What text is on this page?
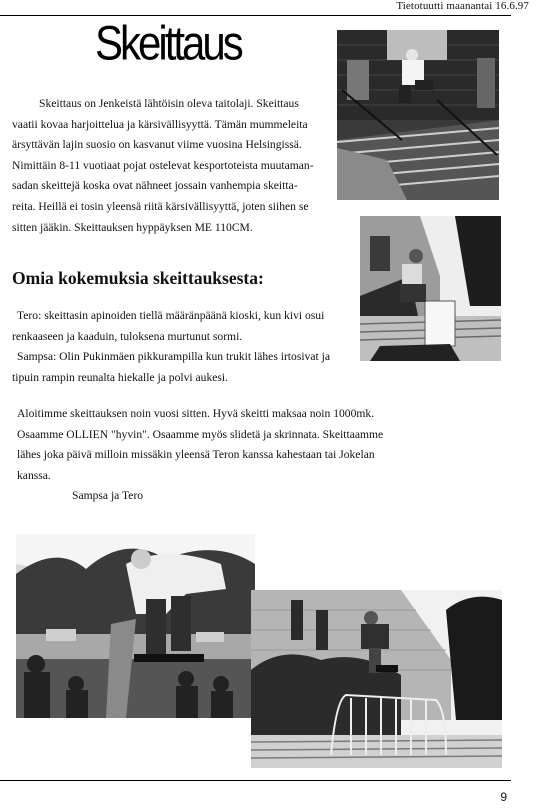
Tietotuutti maanantai 16.6.97
Skeittaus

Skeittaus on Jenkeistä lähtöisin oleva taitolaji. Skeittaus

vaatii kovaa harjoittelua ja kärsivällisyyttä. Tämän mummeleita

ärsyttävän lajin suosio on kasvanut viime vuosina Helsingissä.

Nimittäin 8-11 vuotiaat pojat ostelevat kesportoteista muutaman-

sadan skeittejä koska ovat nähneet jossain vanhempia skeitta-

reita. Heillä ei tosin yleensä riitä kärsivällisyyttä, joten siihen se

sitten jääkin. Skeittauksen hyppäyksen ME 110CM.

Omia kokemuksia skeittauksesta:

Tero: skeittasin apinoiden tiellä määränpäänä kioski, kun kivi osui

renkaaseen ja kaaduin, tuloksena murtunut sormi.

Sampsa: Olin Pukinmäen pikkurampilla kun trukit lähes irtosivat ja

tipuin rampin reunalta hiekalle ja polvi aukesi.

Aloitimme skeittauksen noin vuosi sitten. Hyvä skeitti maksaa noin 1000mk.

Osaamme OLLIEN "hyvin". Osaamme myös slidetä ja skrinnata. Skeittaamme

lähes joka päivä milloin missäkin yleensä Teron kanssa kahestaan tai Jokelan

kanssa.

Sampsa ja Tero

9
